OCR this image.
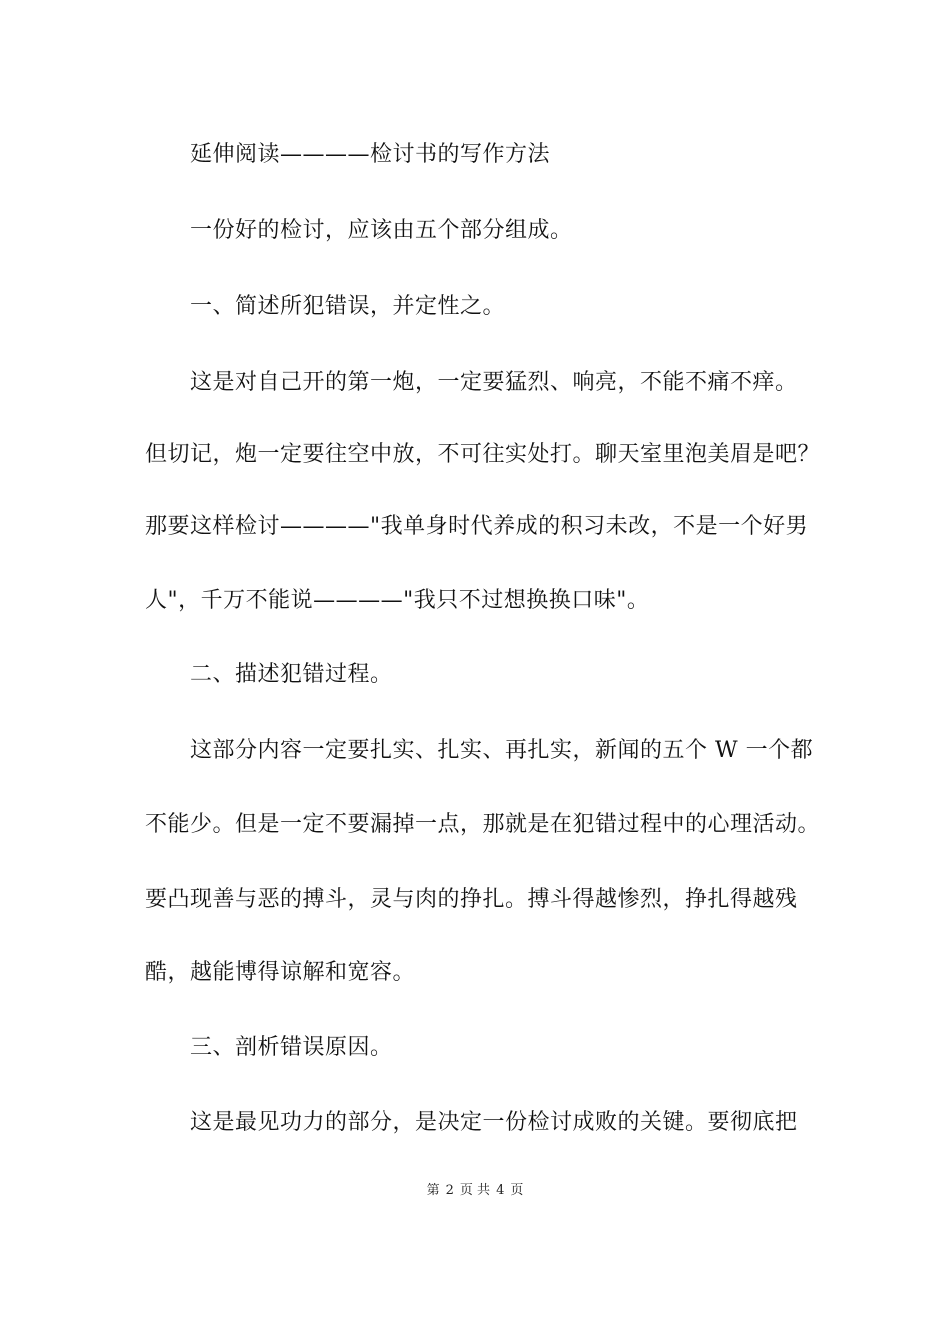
延伸阅读————检讨书的写作方法
一份好的检讨，应该由五个部分组成。
一、简述所犯错误，并定性之。
这是对自己开的第一炮，一定要猛烈、响亮，不能不痛不痒。
但切记，炮一定要往空中放，不可往实处打。聊天室里泡美眉是吧？
那要这样检讨————"我单身时代养成的积习未改，不是一个好男
人"，千万不能说————"我只不过想换换口味"。
二、描述犯错过程。
这部分内容一定要扎实、扎实、再扎实，新闻的五个 W 一个都
不能少。但是一定不要漏掉一点，那就是在犯错过程中的心理活动。
要凸现善与恶的搏斗，灵与肉的挣扎。搏斗得越惨烈，挣扎得越残
酷，越能博得谅解和宽容。
三、剖析错误原因。
这是最见功力的部分，是决定一份检讨成败的关键。要彻底把
第 2 页 共 4 页
